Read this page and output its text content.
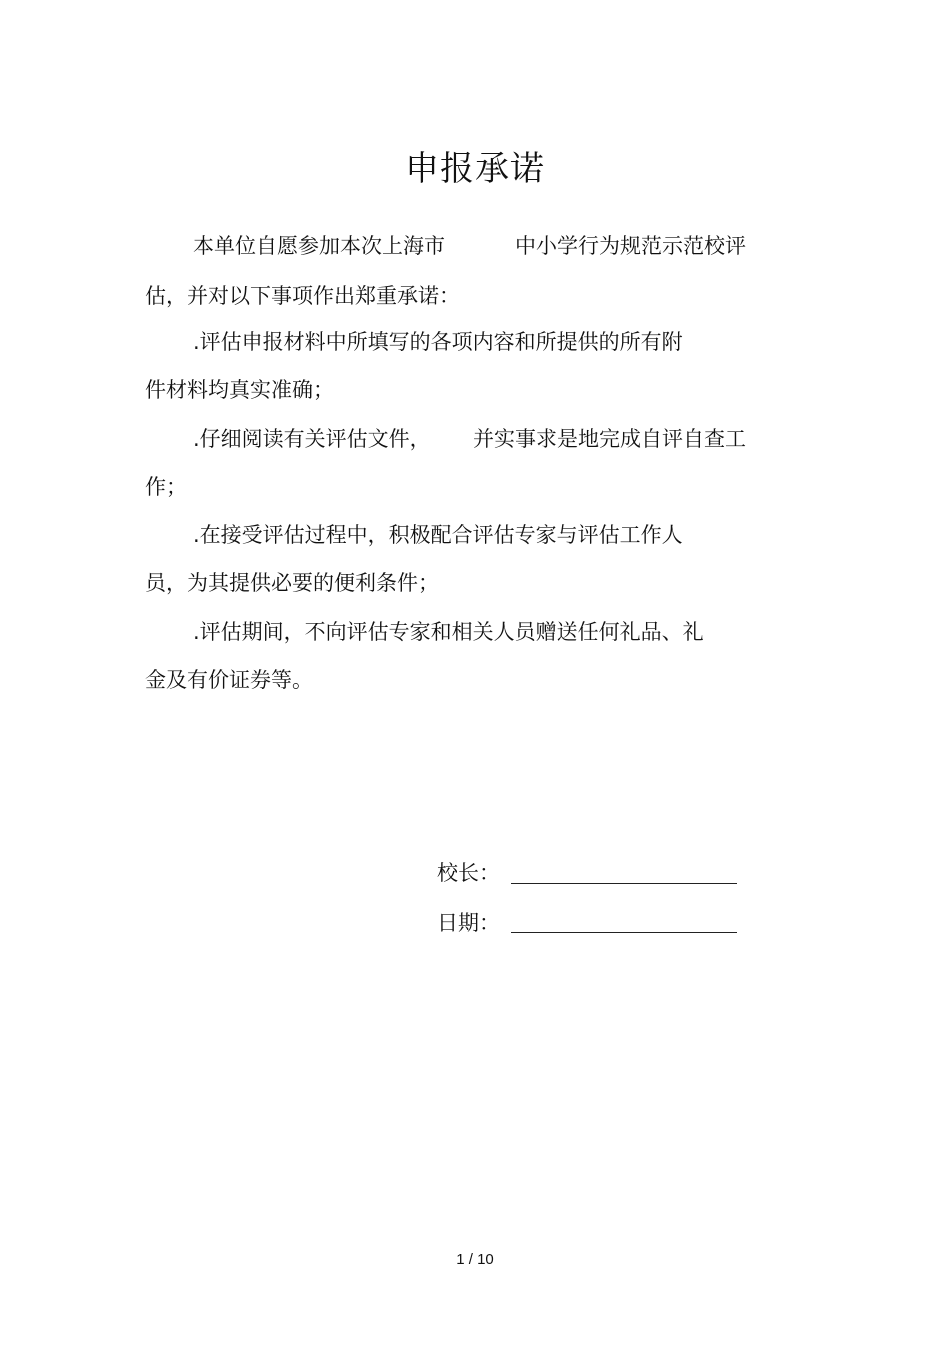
申报承诺
本单位自愿参加本次上海市	中小学行为规范示范校评
估，并对以下事项作出郑重承诺：
.评估申报材料中所填写的各项内容和所提供的所有附
件材料均真实准确；
.仔细阅读有关评估文件， 并实事求是地完成自评自查工
作；
.在接受评估过程中，积极配合评估专家与评估工作人
员，为其提供必要的便利条件；
.评估期间，不向评估专家和相关人员赠送任何礼品、礼
金及有价证券等。
校长：
日期：
1 / 10
